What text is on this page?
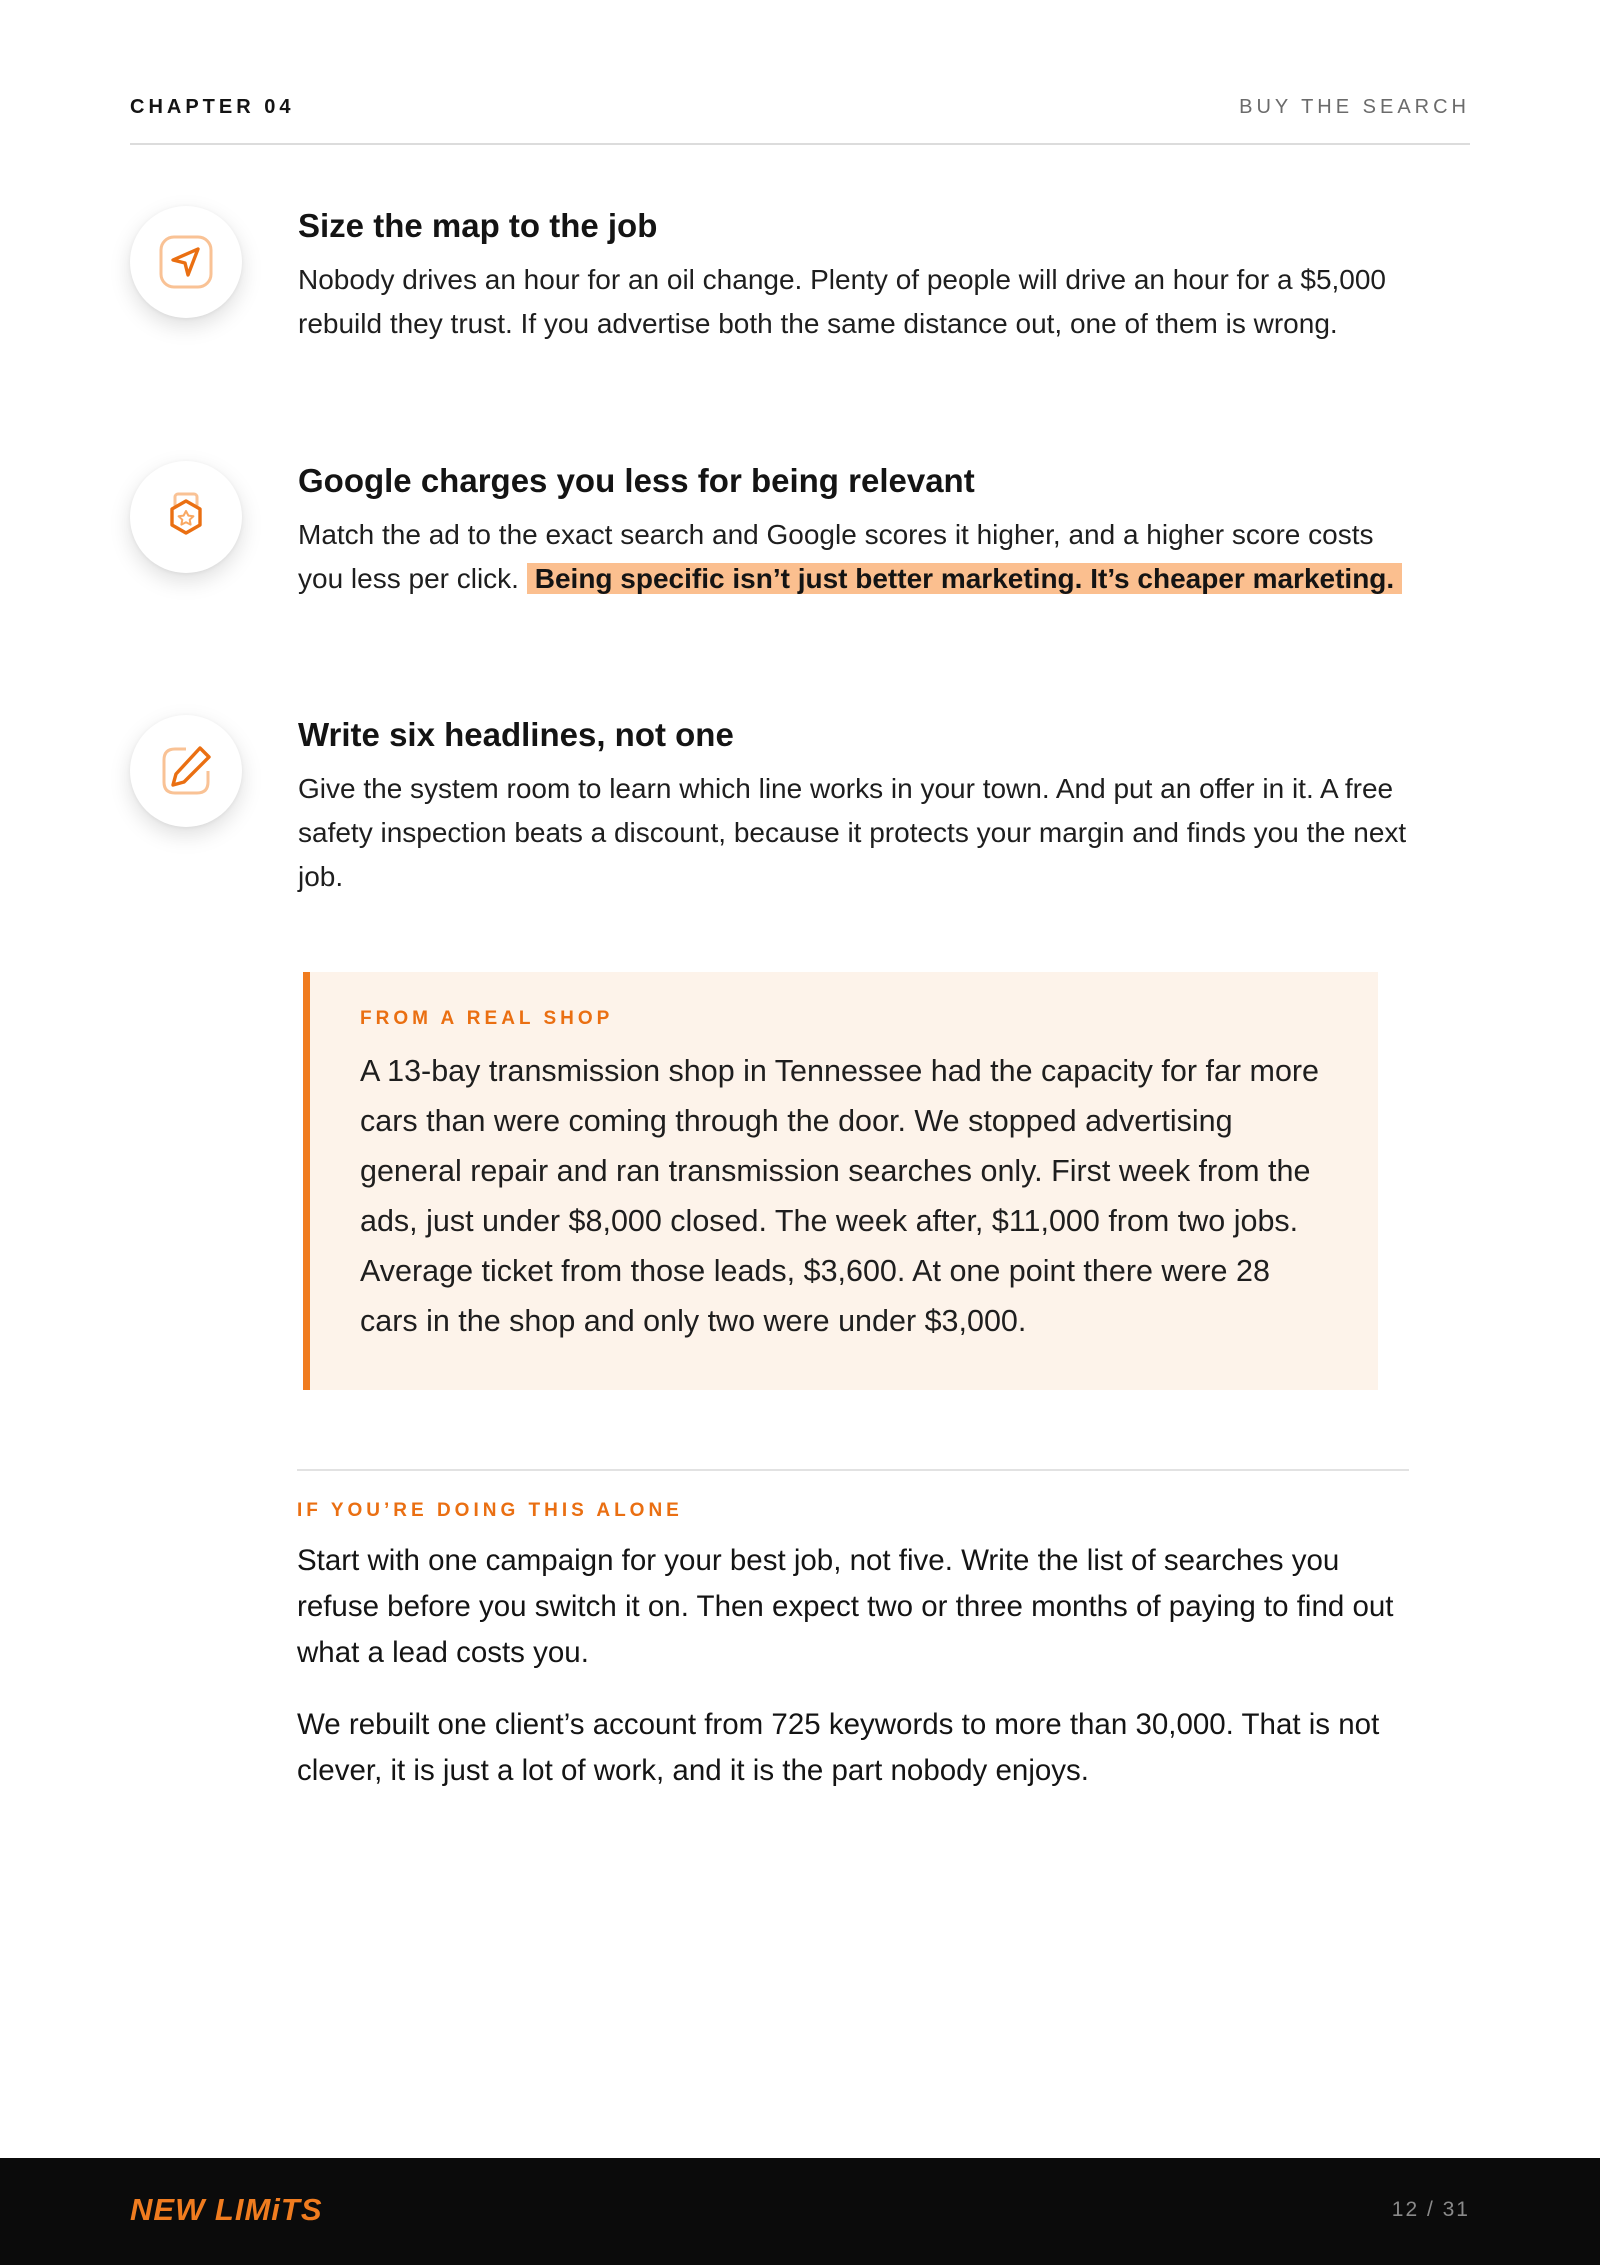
CHAPTER 04	BUY THE SEARCH
Size the map to the job

Nobody drives an hour for an oil change. Plenty of people will drive an hour for a $5,000 rebuild they trust. If you advertise both the same distance out, one of them is wrong.

Google charges you less for being relevant

Match the ad to the exact search and Google scores it higher, and a higher score costs you less per click. Being specific isn’t just better marketing. It’s cheaper marketing.

Write six headlines, not one

Give the system room to learn which line works in your town. And put an offer in it. A free safety inspection beats a discount, because it protects your margin and finds you the next job.

FROM A REAL SHOP
A 13-bay transmission shop in Tennessee had the capacity for far more cars than were coming through the door. We stopped advertising general repair and ran transmission searches only. First week from the ads, just under $8,000 closed. The week after, $11,000 from two jobs. Average ticket from those leads, $3,600. At one point there were 28 cars in the shop and only two were under $3,000.
IF YOU’RE DOING THIS ALONE

Start with one campaign for your best job, not five. Write the list of searches you refuse before you switch it on. Then expect two or three months of paying to find out what a lead costs you.

We rebuilt one client’s account from 725 keywords to more than 30,000. That is not clever, it is just a lot of work, and it is the part nobody enjoys.

NEW LIMiTS	12 / 31
